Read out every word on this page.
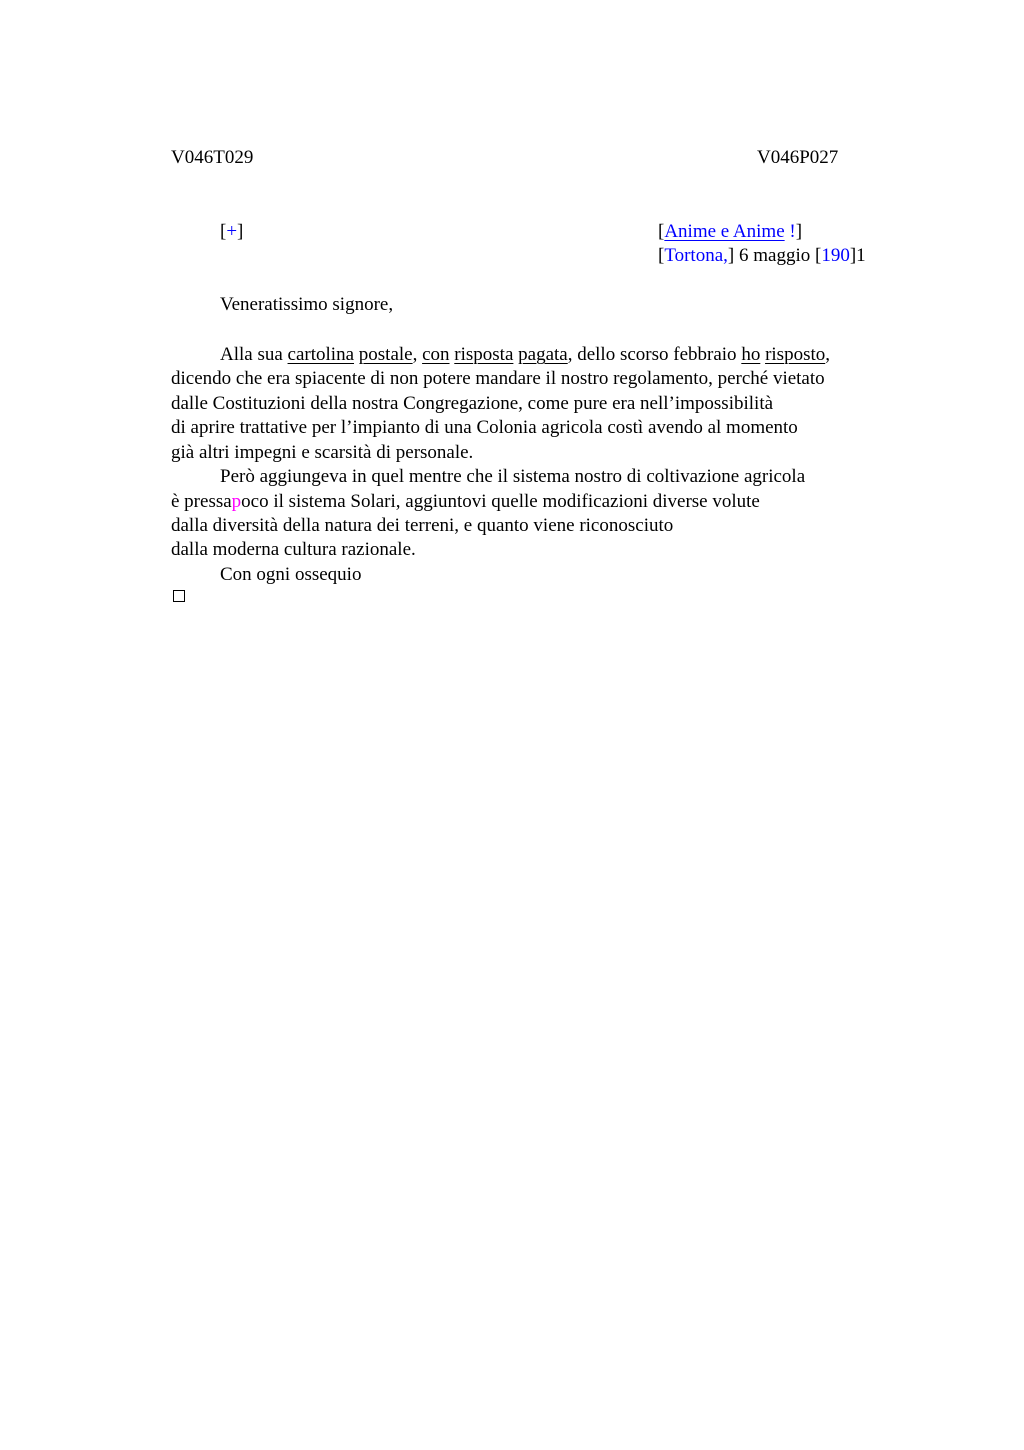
V046T029	V046P027
[+]	[Anime e Anime !]
[Tortona,] 6 maggio [190]1
Veneratissimo signore,
Alla sua cartolina postale, con risposta pagata, dello scorso febbraio ho risposto,
dicendo che era spiacente di non potere mandare il nostro regolamento, perché vietato
dalle Costituzioni della nostra Congregazione, come pure era nell’impossibilità
di aprire trattative per l’impianto di una Colonia agricola costì avendo al momento
già altri impegni e scarsità di personale.
Però aggiungeva in quel mentre che il sistema nostro di coltivazione agricola
è pressapoco il sistema Solari, aggiuntovi quelle modificazioni diverse volute
dalla diversità della natura dei terreni, e quanto viene riconosciuto
dalla moderna cultura razionale.
Con ogni ossequio
